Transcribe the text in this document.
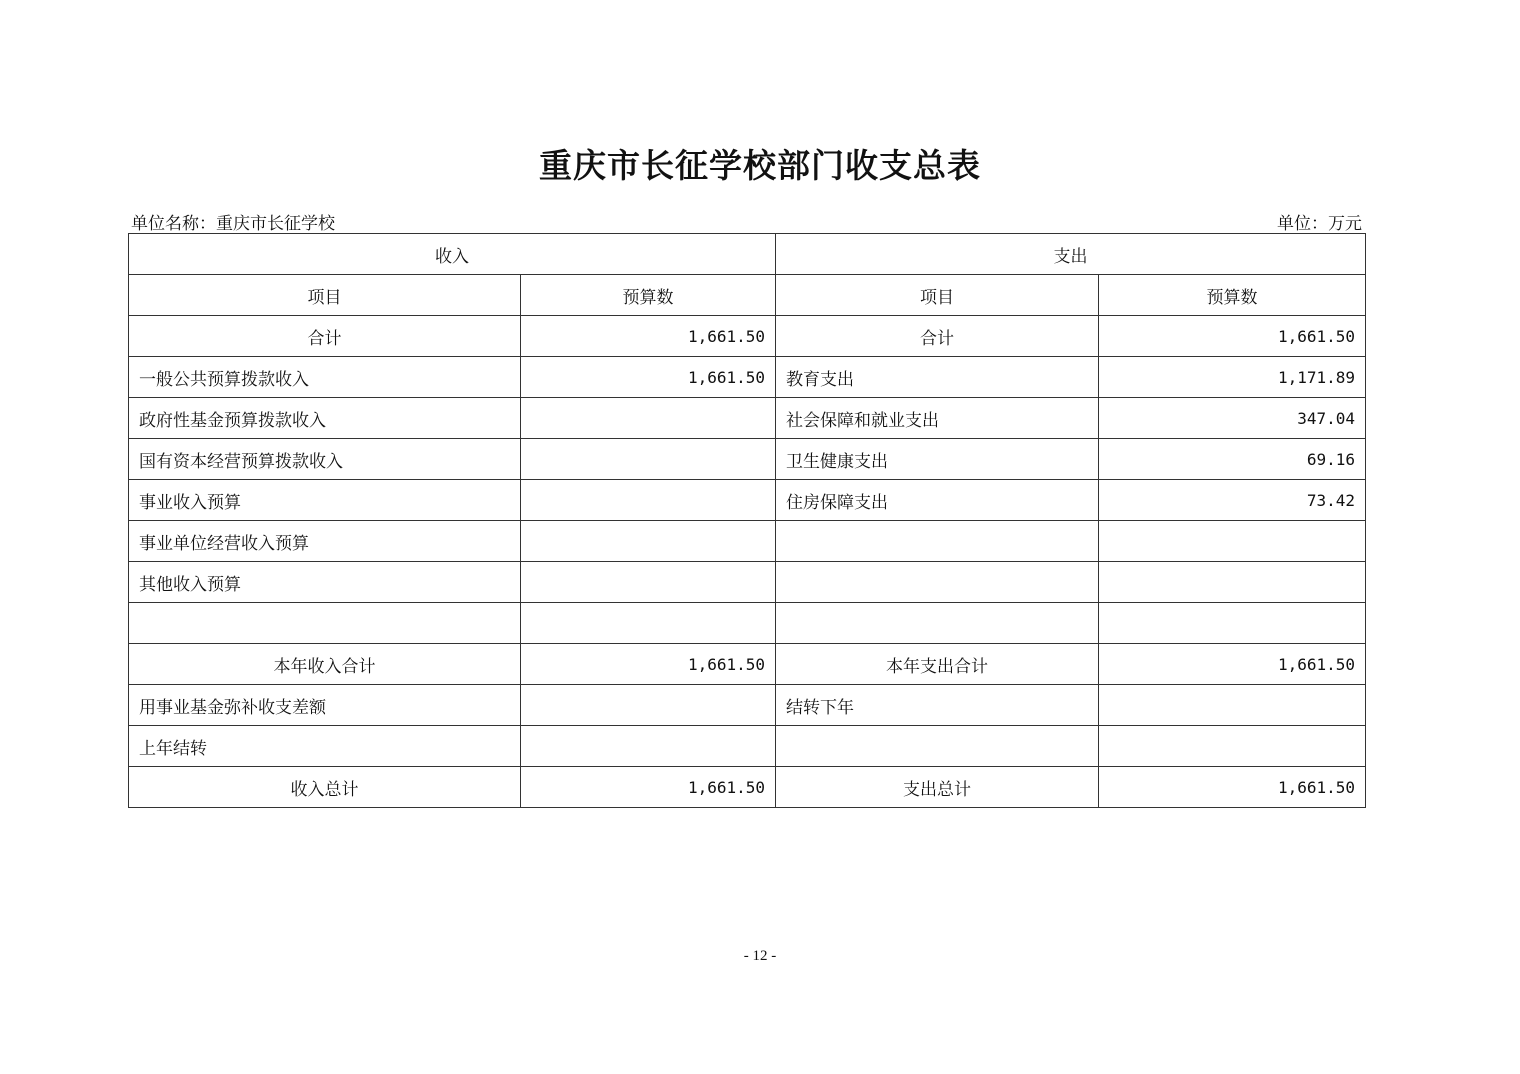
重庆市长征学校部门收支总表
单位名称：重庆市长征学校	单位：万元
收入		支出	
项目	预算数	项目	预算数
合计	1,661.50	合计	1,661.50
一般公共预算拨款收入	1,661.50	教育支出	1,171.89
政府性基金预算拨款收入		社会保障和就业支出	347.04
国有资本经营预算拨款收入		卫生健康支出	69.16
事业收入预算		住房保障支出	73.42
事业单位经营收入预算			
其他收入预算			

本年收入合计	1,661.50	本年支出合计	1,661.50
用事业基金弥补收支差额		结转下年	
上年结转			
收入总计	1,661.50	支出总计	1,661.50
- 12 -
